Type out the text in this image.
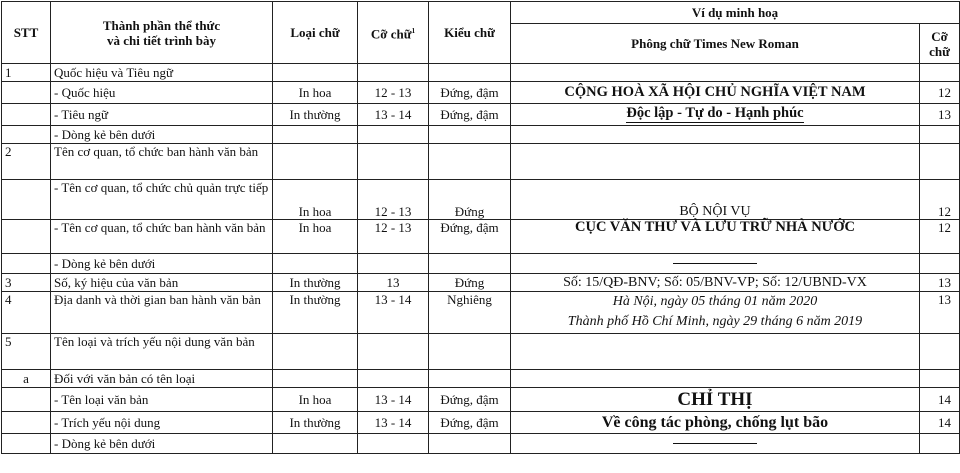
STT	Thành phần thể thức
và chi tiết trình bày	Loại chữ	Cỡ chữ$^1$	Kiểu chữ	Ví dụ minh hoạ	
					Phông chữ Times New Roman	Cỡ chữ
1	Quốc hiệu và Tiêu ngữ					
	- Quốc hiệu	In hoa	12 - 13	Đứng, đậm	CỘNG HOÀ XÃ HỘI CHỦ NGHĨA VIỆT NAM	12
	- Tiêu ngữ	In thường	13 - 14	Đứng, đậm	Độc lập - Tự do - Hạnh phúc	13
	- Dòng kẻ bên dưới					
2	Tên cơ quan, tổ chức ban hành văn bản					
	- Tên cơ quan, tổ chức chủ quản trực tiếp	In hoa	12 - 13	Đứng	BỘ NỘI VỤ	12
	- Tên cơ quan, tổ chức ban hành văn bản	In hoa	12 - 13	Đứng, đậm	CỤC VĂN THƯ VÀ LƯU TRỮ NHÀ NƯỚC	12
	- Dòng kẻ bên dưới				

3	Số, ký hiệu của văn bản	In thường	13	Đứng	Số: 15/QĐ-BNV; Số: 05/BNV-VP; Số: 12/UBND-VX	13
4	Địa danh và thời gian ban hành văn bản	In thường	13 - 14	Nghiêng	Hà Nội, ngày 05 tháng 01 năm 2020
Thành phố Hồ Chí Minh, ngày 29 tháng 6 năm 2019	13
5	Tên loại và trích yếu nội dung văn bản					
a	Đối với văn bản có tên loại					
	- Tên loại văn bản	In hoa	13 - 14	Đứng, đậm	CHỈ THỊ	14
	- Trích yếu nội dung	In thường	13 - 14	Đứng, đậm	Về công tác phòng, chống lụt bão	14
	- Dòng kẻ bên dưới				
